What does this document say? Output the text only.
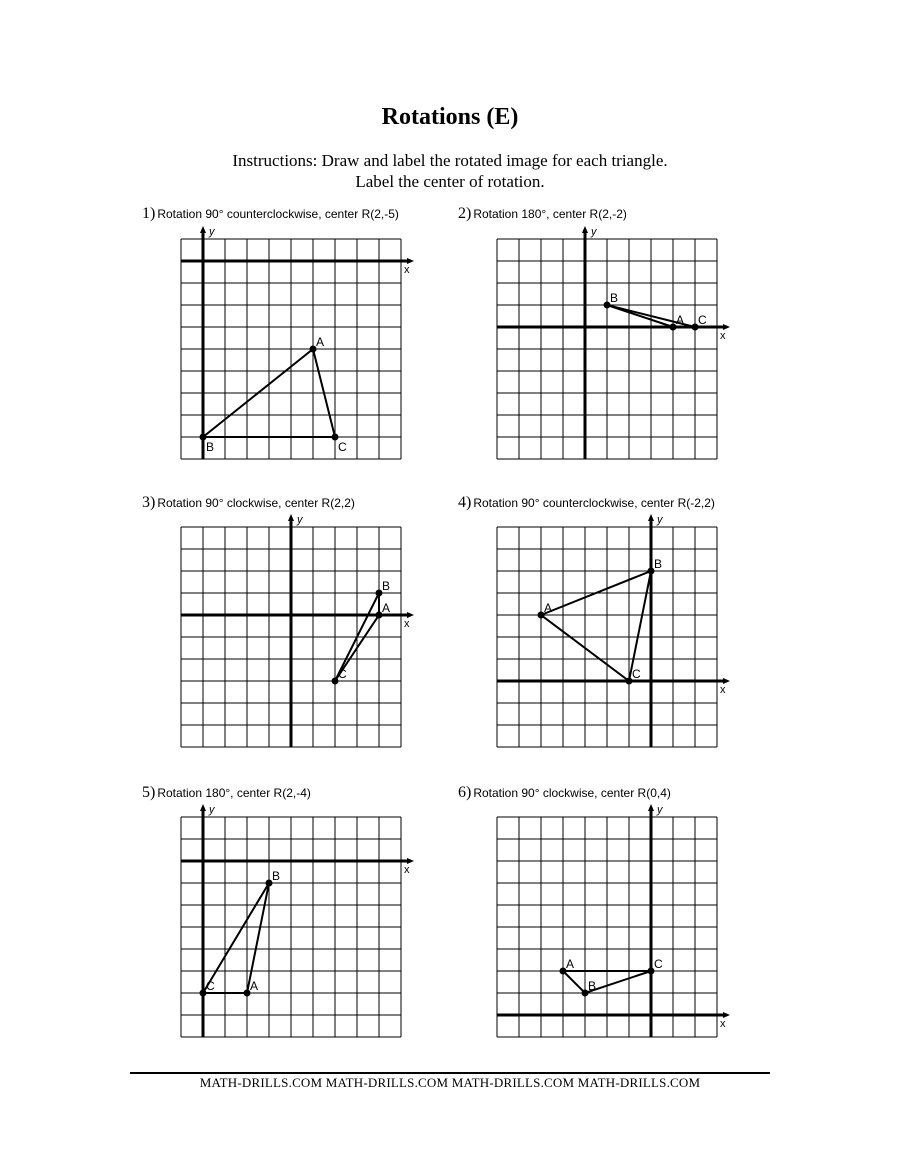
Rotations (E)
Instructions: Draw and label the rotated image for each triangle.
Label the center of rotation.
1) Rotation 90° counterclockwise, center R(2,-5)
y
x
A
B	C
2) Rotation 180°, center R(2,-2)
y
x
A
B
C
3) Rotation 90° clockwise, center R(2,2)
y
x
A
B
C
4) Rotation 90° counterclockwise, center R(-2,2)
y
x
A
B
C
5) Rotation 180°, center R(2,-4)
y
x
A
B
C
6) Rotation 90° clockwise, center R(0,4)
y
x
A
B
C
MATH-DRILLS.COM MATH-DRILLS.COM MATH-DRILLS.COM MATH-DRILLS.COM
